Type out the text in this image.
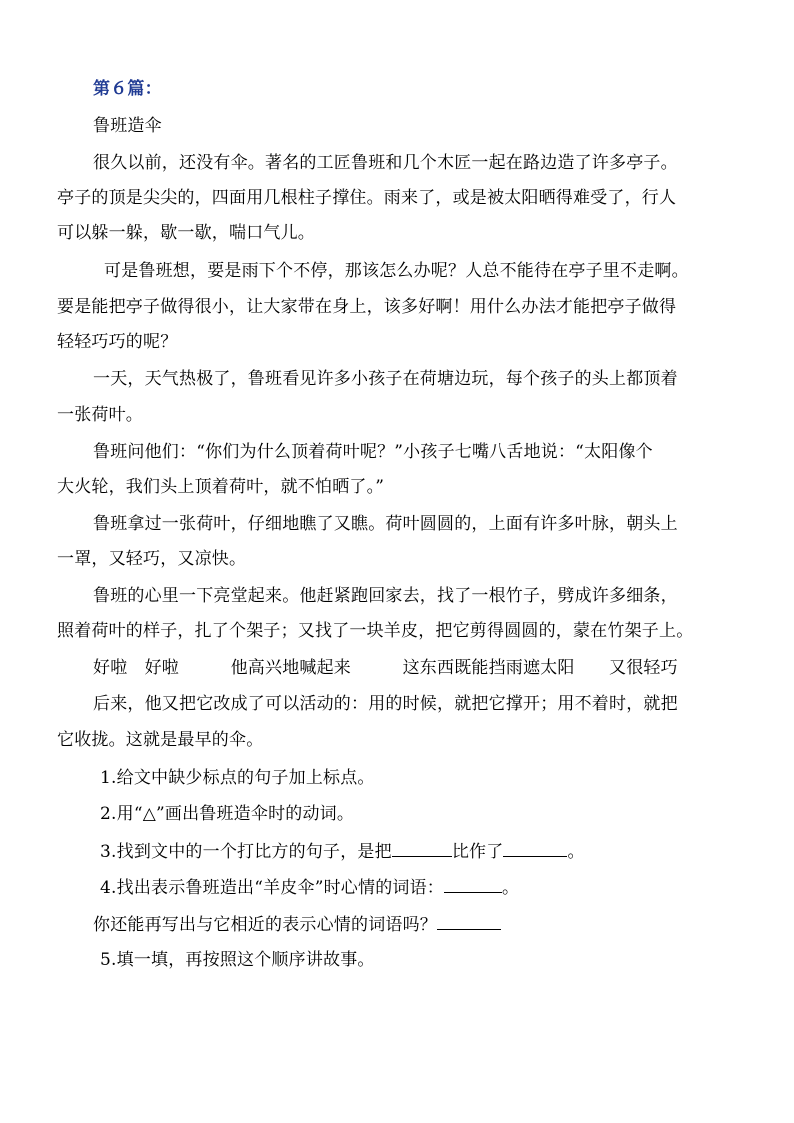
第６篇：
鲁班造伞
很久以前，还没有伞。著名的工匠鲁班和几个木匠一起在路边造了许多亭子。
亭子的顶是尖尖的，四面用几根柱子撑住。雨来了，或是被太阳晒得难受了，行人
可以躲一躲，歇一歇，喘口气儿。
可是鲁班想，要是雨下个不停，那该怎么办呢？人总不能待在亭子里不走啊。
要是能把亭子做得很小，让大家带在身上，该多好啊！用什么办法才能把亭子做得
轻轻巧巧的呢？
一天，天气热极了，鲁班看见许多小孩子在荷塘边玩，每个孩子的头上都顶着
一张荷叶。
鲁班问他们：“你们为什么顶着荷叶呢？”小孩子七嘴八舌地说：“太阳像个
大火轮，我们头上顶着荷叶，就不怕晒了。”
鲁班拿过一张荷叶，仔细地瞧了又瞧。荷叶圆圆的，上面有许多叶脉，朝头上
一罩，又轻巧，又凉快。
鲁班的心里一下亮堂起来。他赶紧跑回家去，找了一根竹子，劈成许多细条，
照着荷叶的样子，扎了个架子；又找了一块羊皮，把它剪得圆圆的，蒙在竹架子上。
好啦　好啦　　　他高兴地喊起来　　　这东西既能挡雨遮太阳　　又很轻巧
后来，他又把它改成了可以活动的：用的时候，就把它撑开；用不着时，就把
它收拢。这就是最早的伞。
1.给文中缺少标点的句子加上标点。
2.用“△”画出鲁班造伞时的动词。
3.找到文中的一个打比方的句子，是把	比作了	。
4.找出表示鲁班造出“羊皮伞”时心情的词语：	。
你还能再写出与它相近的表示心情的词语吗？
5.填一填，再按照这个顺序讲故事。
